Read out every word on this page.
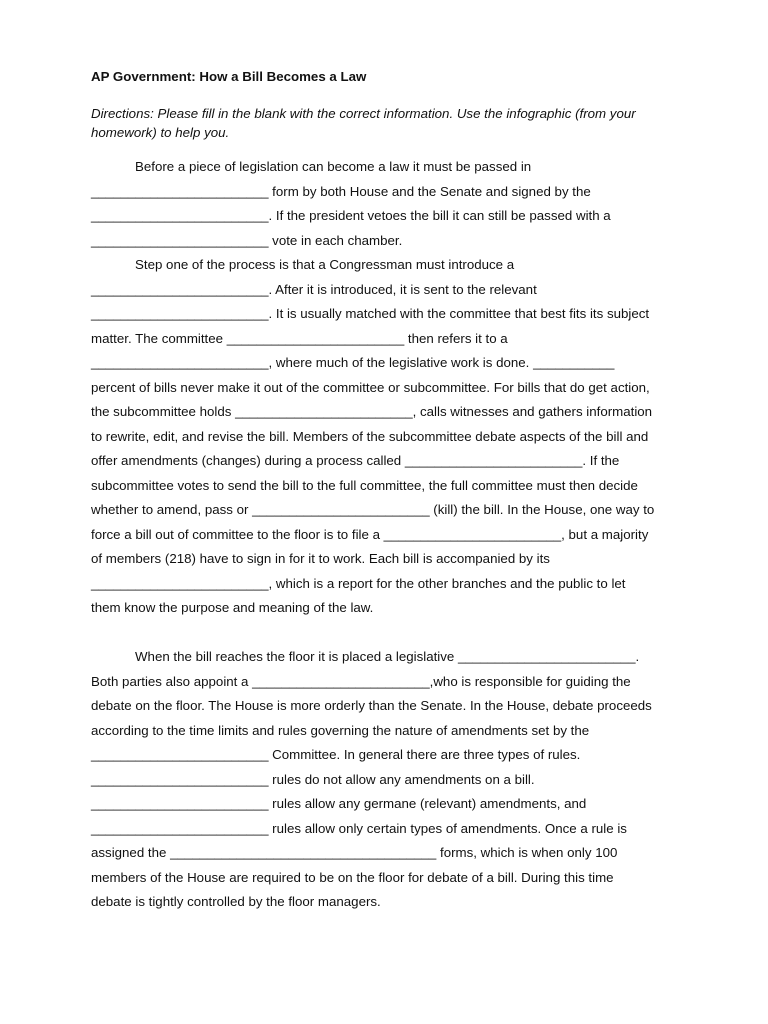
AP Government: How a Bill Becomes a Law
Directions: Please fill in the blank with the correct information. Use the infographic (from your
homework) to help you.
Before a piece of legislation can become a law it must be passed in
________________________ form by both House and the Senate and signed by the
________________________. If the president vetoes the bill it can still be passed with a
________________________ vote in each chamber.
Step one of the process is that a Congressman must introduce a
________________________. After it is introduced, it is sent to the relevant
________________________. It is usually matched with the committee that best fits its subject
matter. The committee ________________________ then refers it to a
________________________, where much of the legislative work is done. ___________
percent of bills never make it out of the committee or subcommittee. For bills that do get action,
the subcommittee holds ________________________, calls witnesses and gathers information
to rewrite, edit, and revise the bill. Members of the subcommittee debate aspects of the bill and
offer amendments (changes) during a process called ________________________. If the
subcommittee votes to send the bill to the full committee, the full committee must then decide
whether to amend, pass or ________________________ (kill) the bill. In the House, one way to
force a bill out of committee to the floor is to file a ________________________, but a majority
of members (218) have to sign in for it to work. Each bill is accompanied by its
________________________, which is a report for the other branches and the public to let
them know the purpose and meaning of the law.
When the bill reaches the floor it is placed a legislative ________________________.
Both parties also appoint a ________________________,who is responsible for guiding the
debate on the floor. The House is more orderly than the Senate. In the House, debate proceeds
according to the time limits and rules governing the nature of amendments set by the
________________________ Committee. In general there are three types of rules.
________________________ rules do not allow any amendments on a bill.
________________________ rules allow any germane (relevant) amendments, and
________________________ rules allow only certain types of amendments. Once a rule is
assigned the ____________________________________ forms, which is when only 100
members of the House are required to be on the floor for debate of a bill. During this time
debate is tightly controlled by the floor managers.
